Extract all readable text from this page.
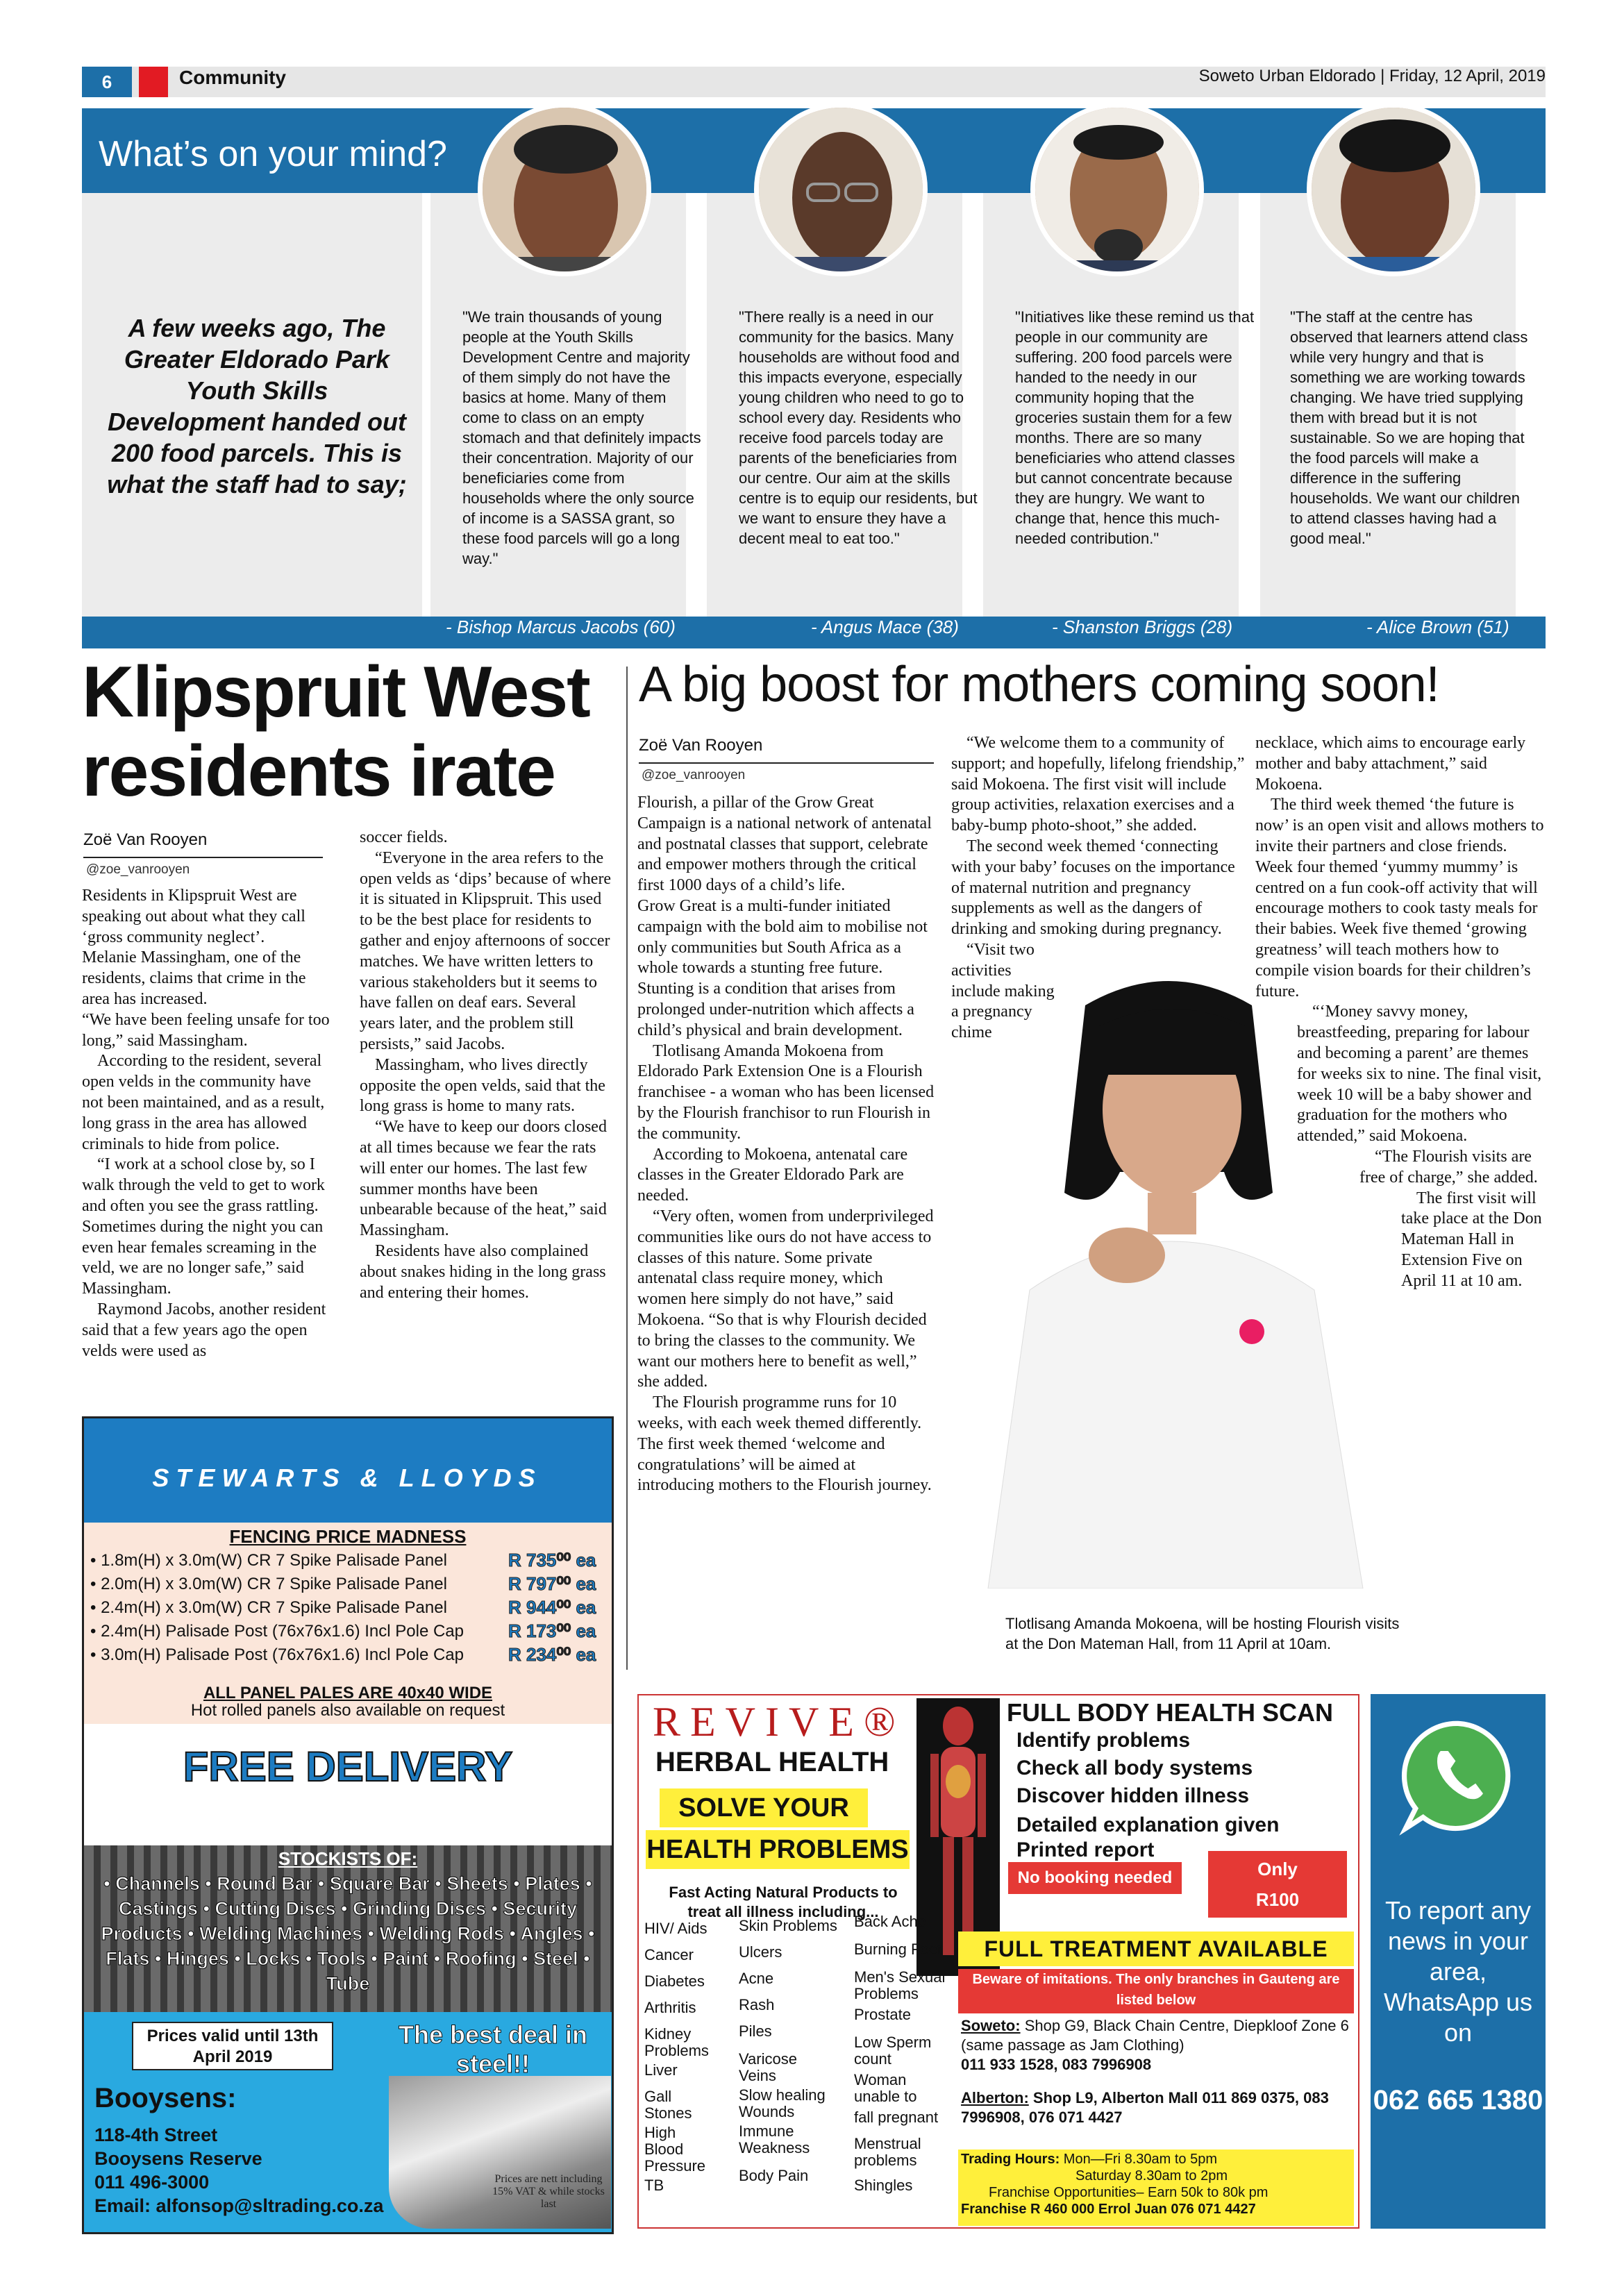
6	Community	Soweto Urban Eldorado | Friday, 12 April, 2019
What’s on your mind?
A few weeks ago, The Greater Eldorado Park Youth Skills Development handed out 200 food parcels. This is what the staff had to say;
"We train thousands of young people at the Youth Skills Development Centre and majority of them simply do not have the basics at home. Many of them come to class on an empty stomach and that definitely impacts their concentration. Majority of our beneficiaries come from households where the only source of income is a SASSA grant, so these food parcels will go a long way."
"There really is a need in our community for the basics. Many households are without food and this impacts everyone, especially young children who need to go to school every day. Residents who receive food parcels today are parents of the beneficiaries from our centre. Our aim at the skills centre is to equip our residents, but we want to ensure they have a decent meal to eat too."
"Initiatives like these remind us that people in our community are suffering. 200 food parcels were handed to the needy in our community hoping that the groceries sustain them for a few months. There are so many beneficiaries who attend classes but cannot concentrate because they are hungry. We want to change that, hence this much-needed contribution."
"The staff at the centre has observed that learners attend class while very hungry and that is something we are working towards changing. We have tried supplying them with bread but it is not sustainable. So we are hoping that the food parcels will make a difference in the suffering households. We want our children to attend classes having had a good meal."
- Bishop Marcus Jacobs (60)	- Angus Mace (38)	- Shanston Briggs (28)	- Alice Brown (51)
Klipspruit West residents irate
Zoë Van Rooyen
@zoe_vanrooyen

Residents in Klipspruit West are speaking out about what they call ‘gross community neglect’.

Melanie Massingham, one of the residents, claims that crime in the area has increased.

“We have been feeling unsafe for too long,” said Massingham.

According to the resident, several open velds in the community have not been maintained, and as a result, long grass in the area has allowed criminals to hide from police.

“I work at a school close by, so I walk through the veld to get to work and often you see the grass rattling. Sometimes during the night you can even hear females screaming in the veld, we are no longer safe,” said Massingham.

Raymond Jacobs, another resident said that a few years ago the open velds were used as

soccer fields.

“Everyone in the area refers to the open velds as ‘dips’ because of where it is situated in Klipspruit. This used to be the best place for residents to gather and enjoy afternoons of soccer matches. We have written letters to various stakeholders but it seems to have fallen on deaf ears. Several years later, and the problem still persists,” said Jacobs.

Massingham, who lives directly opposite the open velds, said that the long grass is home to many rats.

“We have to keep our doors closed at all times because we fear the rats will enter our homes. The last few summer months have been unbearable because of the heat,” said Massingham.

Residents have also complained about snakes hiding in the long grass and entering their homes.

A big boost for mothers coming soon!
Zoë Van Rooyen
@zoe_vanrooyen

Flourish, a pillar of the Grow Great Campaign is a national network of antenatal and postnatal classes that support, celebrate and empower mothers through the critical first 1000 days of a child’s life.

Grow Great is a multi-funder initiated campaign with the bold aim to mobilise not only communities but South Africa as a whole towards a stunting free future.

Stunting is a condition that arises from prolonged under-nutrition which affects a child’s physical and brain development.

Tlotlisang Amanda Mokoena from Eldorado Park Extension One is a Flourish franchisee - a woman who has been licensed by the Flourish franchisor to run Flourish in the community.

According to Mokoena, antenatal care classes in the Greater Eldorado Park are needed.

“Very often, women from underprivileged communities like ours do not have access to classes of this nature. Some private antenatal class require money, which women here simply do not have,” said Mokoena. “So that is why Flourish decided to bring the classes to the community. We want our mothers here to benefit as well,” she added.

The Flourish programme runs for 10 weeks, with each week themed differently. The first week themed ‘welcome and congratulations’ will be aimed at introducing mothers to the Flourish journey.

“We welcome them to a community of support; and hopefully, lifelong friendship,” said Mokoena. The first visit will include group activities, relaxation exercises and a baby-bump photo-shoot,” she added.

The second week themed ‘connecting with your baby’ focuses on the importance of maternal nutrition and pregnancy supplements as well as the dangers of drinking and smoking during pregnancy.

“Visit two activities include making a pregnancy chime

necklace, which aims to encourage early mother and baby attachment,” said Mokoena.

The third week themed ‘the future is now’ is an open visit and allows mothers to invite their partners and close friends. Week four themed ‘yummy mummy’ is centred on a fun cook-off activity that will encourage mothers to cook tasty meals for their babies. Week five themed ‘growing greatness’ will teach mothers how to compile vision boards for their children’s future.

“‘Money savvy money, breastfeeding, preparing for labour and becoming a parent’ are themes for weeks six to nine. The final visit, week 10 will be a baby shower and graduation for the mothers who attended,” said Mokoena.

“The Flourish visits are free of charge,” she added.

The first visit will take place at the Don Mateman Hall in Extension Five on April 11 at 10 am.

Tlotlisang Amanda Mokoena, will be hosting Flourish visits at the Don Mateman Hall, from 11 April at 10am.
STEWARTS & LLOYDS
FENCING PRICE MADNESS
• 1.8m(H) x 3.0m(W) CR 7 Spike Palisade Panel	R 735⁰⁰ ea
• 2.0m(H) x 3.0m(W) CR 7 Spike Palisade Panel	R 797⁰⁰ ea
• 2.4m(H) x 3.0m(W) CR 7 Spike Palisade Panel	R 944⁰⁰ ea
• 2.4m(H) Palisade Post (76x76x1.6) Incl Pole Cap R 173⁰⁰ ea
• 3.0m(H) Palisade Post (76x76x1.6) Incl Pole Cap R 234⁰⁰ ea
ALL PANEL PALES ARE 40x40 WIDE
Hot rolled panels also available on request
FREE DELIVERY
STOCKISTS OF:
• Channels • Round Bar • Square Bar • Sheets • Plates • Castings • Cutting Discs • Grinding Discs • Security Products • Welding Machines • Welding Rods • Angles • Flats • Hinges • Locks • Tools • Paint • Roofing • Steel • Tube
Prices valid until 13th April 2019
The best deal in steel!!
Booysens:
118-4th Street
Booysens Reserve
011 496-3000
Email: alfonsop@sltrading.co.za
Prices are nett including 15% VAT & while stocks last
REVIVE®
HERBAL HEALTH
SOLVE YOUR
HEALTH PROBLEMS
Fast Acting Natural Products to treat all illness including...
HIV/ Aids
Cancer
Diabetes
Arthritis
Kidney Problems
Liver
Gall Stones
High Blood Pressure
TB
Skin Problems
Ulcers
Acne
Rash
Piles
Varicose Veins
Slow healing Wounds
Immune Weakness
Body Pain
Back Ache
Burning Feet
Men's Sexual Problems
Prostate
Low Sperm count
Woman unable to
fall pregnant
Menstrual problems
Shingles
FULL BODY HEALTH SCAN
Identify problems
Check all body systems
Discover hidden illness
Detailed explanation given
Printed report
No booking needed	Only
R100
FULL TREATMENT AVAILABLE
Beware of imitations. The only branches in Gauteng are listed below
Soweto: Shop G9, Black Chain Centre, Diepkloof Zone 6 (same passage as Jam Clothing)
011 933 1528, 083 7996908
Alberton: Shop L9, Alberton Mall 011 869 0375, 083 7996908, 076 071 4427
Trading Hours: Mon—Fri 8.30am to 5pm
Saturday 8.30am to 2pm
Franchise Opportunities– Earn 50k to 80k pm
Franchise R 460 000 Errol Juan 076 071 4427
To report any news in your area, WhatsApp us on
062 665 1380
